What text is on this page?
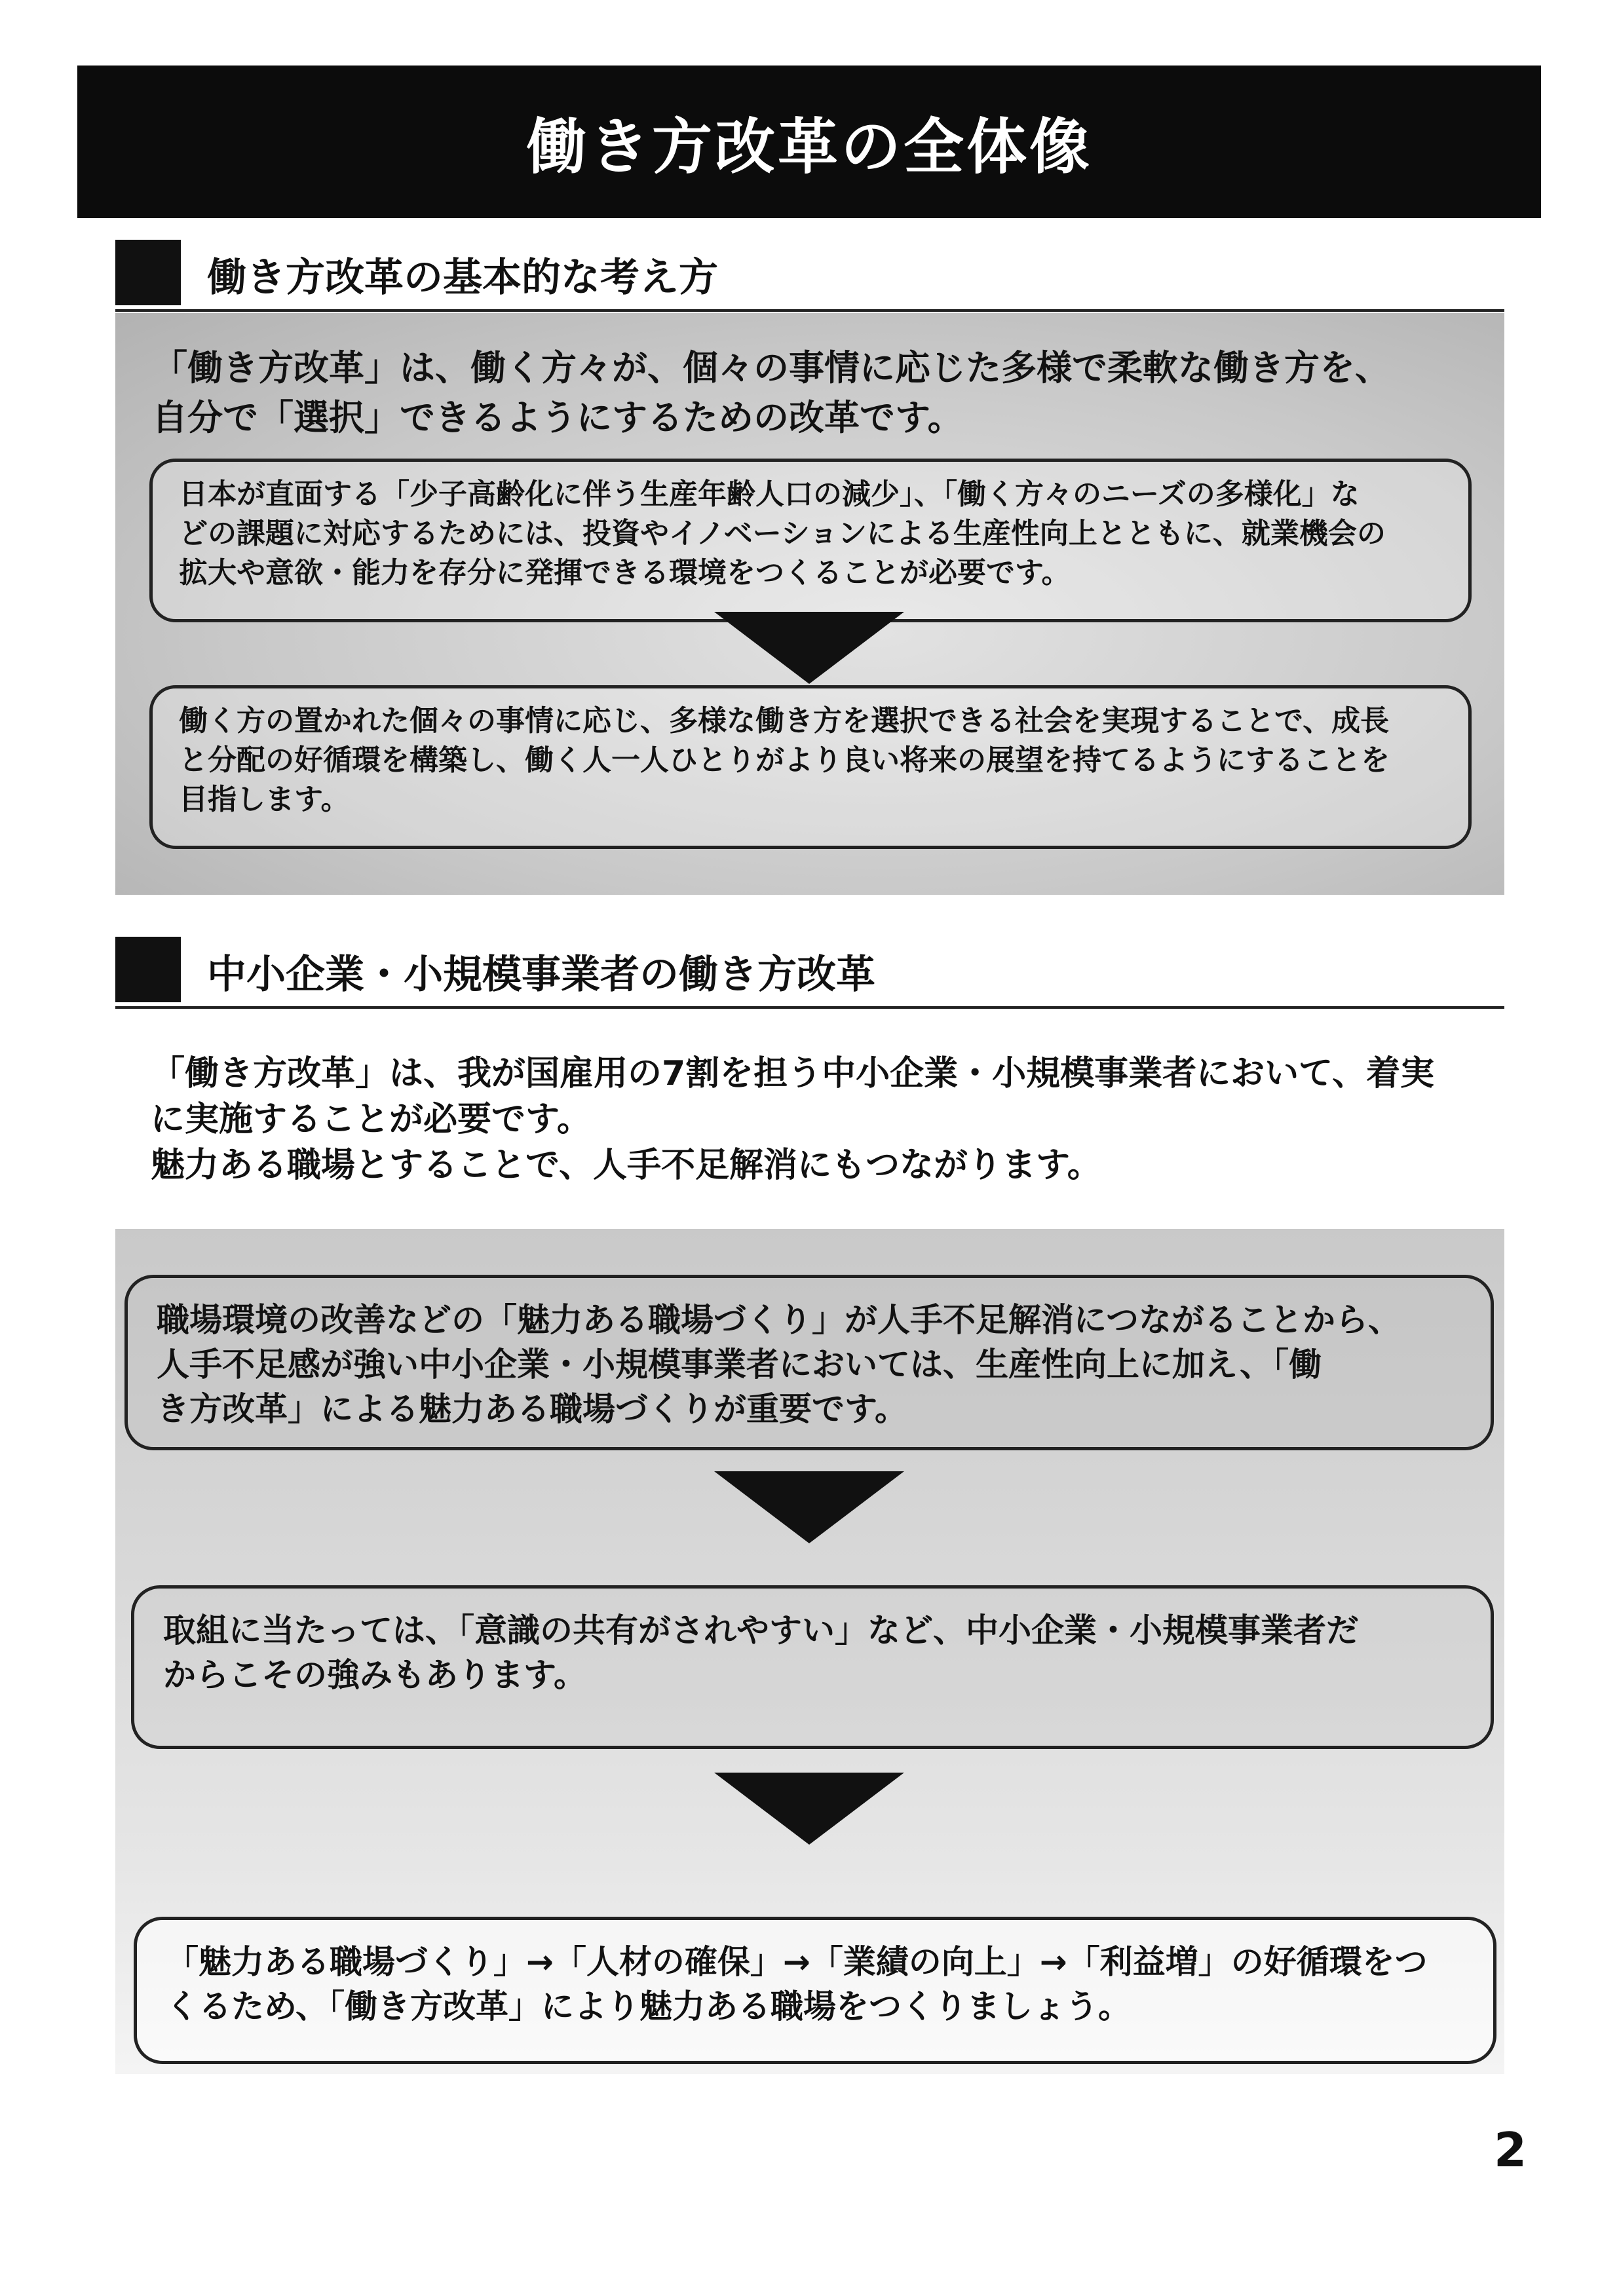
働き方改革の全体像
働き方改革の基本的な考え方
「働き方改革」は、働く方々が、個々の事情に応じた多様で柔軟な働き方を、
自分で「選択」できるようにするための改革です。
日本が直面する「少子高齢化に伴う生産年齢人口の減少」、「働く方々のニーズの多様化」な
どの課題に対応するためには、投資やイノベーションによる生産性向上とともに、就業機会の
拡大や意欲・能力を存分に発揮できる環境をつくることが必要です。
働く方の置かれた個々の事情に応じ、多様な働き方を選択できる社会を実現することで、成長
と分配の好循環を構築し、働く人一人ひとりがより良い将来の展望を持てるようにすることを
目指します。
中小企業・小規模事業者の働き方改革
「働き方改革」は、我が国雇用の7割を担う中小企業・小規模事業者において、着実
に実施することが必要です。
魅力ある職場とすることで、人手不足解消にもつながります。
職場環境の改善などの「魅力ある職場づくり」が人手不足解消につながることから、
人手不足感が強い中小企業・小規模事業者においては、生産性向上に加え、「働
き方改革」による魅力ある職場づくりが重要です。
取組に当たっては、「意識の共有がされやすい」など、中小企業・小規模事業者だ
からこその強みもあります。
「魅力ある職場づくり」→「人材の確保」→「業績の向上」→「利益増」の好循環をつ
くるため、「働き方改革」により魅力ある職場をつくりましょう。
2
